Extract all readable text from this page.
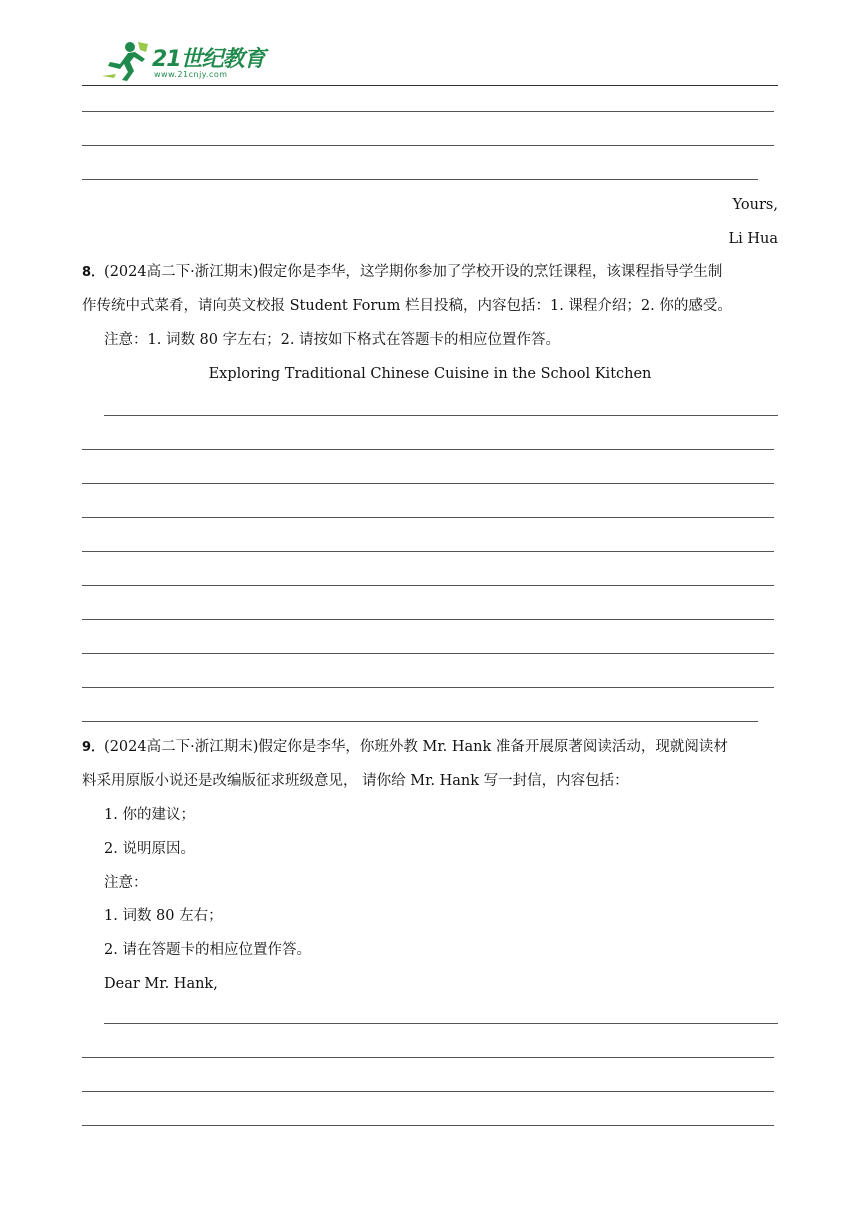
21世纪教育
www.21cnjy.com
Yours,
Li Hua
8．(2024高二下·浙江期末)假定你是李华，这学期你参加了学校开设的烹饪课程，该课程指导学生制
作传统中式菜肴，请向英文校报 Student Forum 栏目投稿，内容包括：1. 课程介绍；2. 你的感受。
注意：1. 词数 80 字左右；2. 请按如下格式在答题卡的相应位置作答。
Exploring Traditional Chinese Cuisine in the School Kitchen
9．(2024高二下·浙江期末)假定你是李华，你班外教 Mr. Hank 准备开展原著阅读活动，现就阅读材
料采用原版小说还是改编版征求班级意见， 请你给 Mr. Hank 写一封信，内容包括：
1. 你的建议；
2. 说明原因。
注意：
1. 词数 80 左右；
2. 请在答题卡的相应位置作答。
Dear Mr. Hank,
